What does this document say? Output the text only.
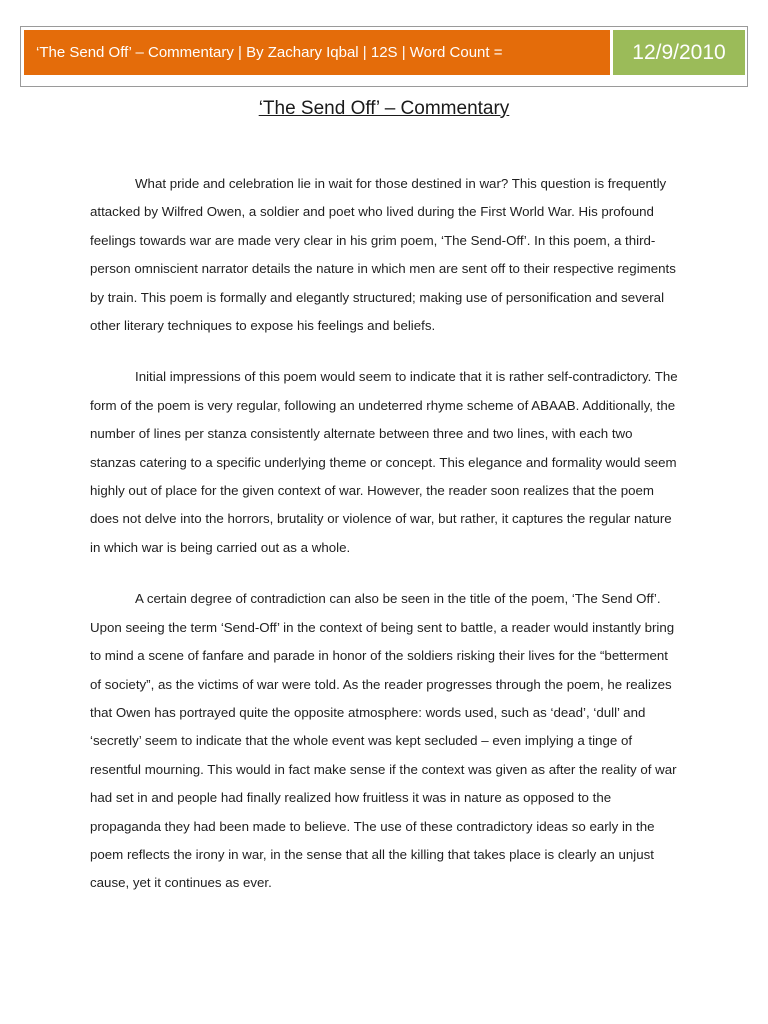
‘The Send Off’ – Commentary | By Zachary Iqbal | 12S | Word Count =	12/9/2010
‘The Send Off’ – Commentary

What pride and celebration lie in wait for those destined in war? This question is frequently attacked by Wilfred Owen, a soldier and poet who lived during the First World War. His profound feelings towards war are made very clear in his grim poem, ‘The Send-Off’. In this poem, a third-person omniscient narrator details the nature in which men are sent off to their respective regiments by train. This poem is formally and elegantly structured; making use of personification and several other literary techniques to expose his feelings and beliefs.

Initial impressions of this poem would seem to indicate that it is rather self-contradictory. The form of the poem is very regular, following an undeterred rhyme scheme of ABAAB. Additionally, the number of lines per stanza consistently alternate between three and two lines, with each two stanzas catering to a specific underlying theme or concept. This elegance and formality would seem highly out of place for the given context of war. However, the reader soon realizes that the poem does not delve into the horrors, brutality or violence of war, but rather, it captures the regular nature in which war is being carried out as a whole.

A certain degree of contradiction can also be seen in the title of the poem, ‘The Send Off’. Upon seeing the term ‘Send-Off’ in the context of being sent to battle, a reader would instantly bring to mind a scene of fanfare and parade in honor of the soldiers risking their lives for the “betterment of society”, as the victims of war were told. As the reader progresses through the poem, he realizes that Owen has portrayed quite the opposite atmosphere: words used, such as ‘dead’, ‘dull’ and ‘secretly’ seem to indicate that the whole event was kept secluded – even implying a tinge of resentful mourning. This would in fact make sense if the context was given as after the reality of war had set in and people had finally realized how fruitless it was in nature as opposed to the propaganda they had been made to believe. The use of these contradictory ideas so early in the poem reflects the irony in war, in the sense that all the killing that takes place is clearly an unjust cause, yet it continues as ever.
